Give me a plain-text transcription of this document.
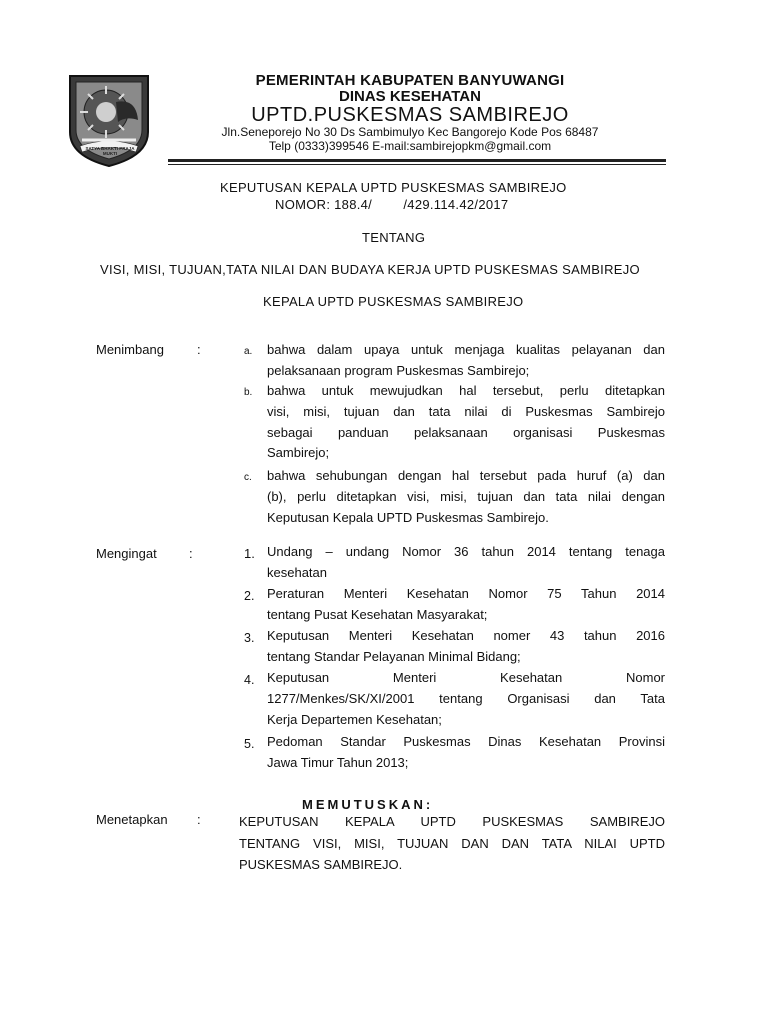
SATYA BHAKTI PRAJA MUKTI
PEMERINTAH KABUPATEN BANYUWANGI
DINAS KESEHATAN
UPTD.PUSKESMAS SAMBIREJO
Jln.Seneporejo No 30 Ds Sambimulyo Kec Bangorejo Kode Pos 68487
Telp (0333)399546 E-mail:sambirejopkm@gmail.com
KEPUTUSAN KEPALA UPTD PUSKESMAS SAMBIREJO
NOMOR: 188.4/        /429.114.42/2017
TENTANG
VISI, MISI, TUJUAN,TATA NILAI DAN BUDAYA KERJA UPTD PUSKESMAS SAMBIREJO
KEPALA UPTD PUSKESMAS SAMBIREJO
Menimbang	:	a. bahwa dalam upaya untuk menjaga kualitas pelayanan dan
pelaksanaan program Puskesmas Sambirejo;
b. bahwa untuk mewujudkan hal tersebut, perlu ditetapkan
visi, misi, tujuan dan tata nilai di Puskesmas Sambirejo
sebagai panduan pelaksanaan organisasi Puskesmas
Sambirejo;
c. bahwa sehubungan dengan hal tersebut pada huruf (a) dan
(b), perlu ditetapkan visi, misi, tujuan dan tata nilai dengan
Keputusan Kepala UPTD Puskesmas Sambirejo.
Mengingat :	1. Undang – undang Nomor 36 tahun 2014 tentang tenaga
kesehatan
2. Peraturan Menteri Kesehatan Nomor 75 Tahun 2014
tentang Pusat Kesehatan Masyarakat;
3. Keputusan Menteri Kesehatan nomer 43 tahun 2016
tentang Standar Pelayanan Minimal Bidang;
4. Keputusan Menteri Kesehatan Nomor
1277/Menkes/SK/XI/2001 tentang Organisasi dan Tata
Kerja Departemen Kesehatan;
5. Pedoman Standar Puskesmas Dinas Kesehatan Provinsi
Jawa Timur Tahun 2013;
MEMUTUSKAN:
Menetapkan :	KEPUTUSAN KEPALA UPTD PUSKESMAS SAMBIREJO
TENTANG VISI, MISI, TUJUAN DAN DAN TATA NILAI UPTD
PUSKESMAS SAMBIREJO.
